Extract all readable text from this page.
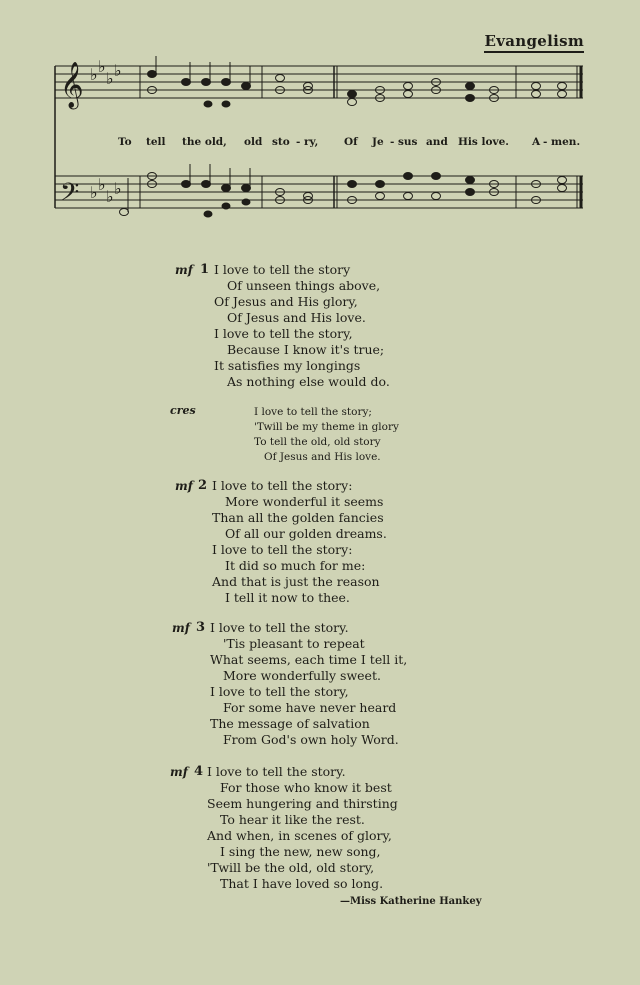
Evangelism
𝄞
𝄢
♭ ♭
♭ ♭
♭ ♭
♭ ♭
To tell the old, old sto - ry, Of Je - sus and His love. A - men.
mf 1 I love to tell the story
Of unseen things above,
Of Jesus and His glory,
Of Jesus and His love.
I love to tell the story,
Because I know it's true;
It satisfies my longings
As nothing else would do.
cres	I love to tell the story;
'Twill be my theme in glory
To tell the old, old story
Of Jesus and His love.
mf 2 I love to tell the story:
More wonderful it seems
Than all the golden fancies
Of all our golden dreams.
I love to tell the story:
It did so much for me:
And that is just the reason
I tell it now to thee.
mf 3 I love to tell the story.
'Tis pleasant to repeat
What seems, each time I tell it,
More wonderfully sweet.
I love to tell the story,
For some have never heard
The message of salvation
From God's own holy Word.
mf 4 I love to tell the story.
For those who know it best
Seem hungering and thirsting
To hear it like the rest.
And when, in scenes of glory,
I sing the new, new song,
'Twill be the old, old story,
That I have loved so long.
—Miss Katherine Hankey
